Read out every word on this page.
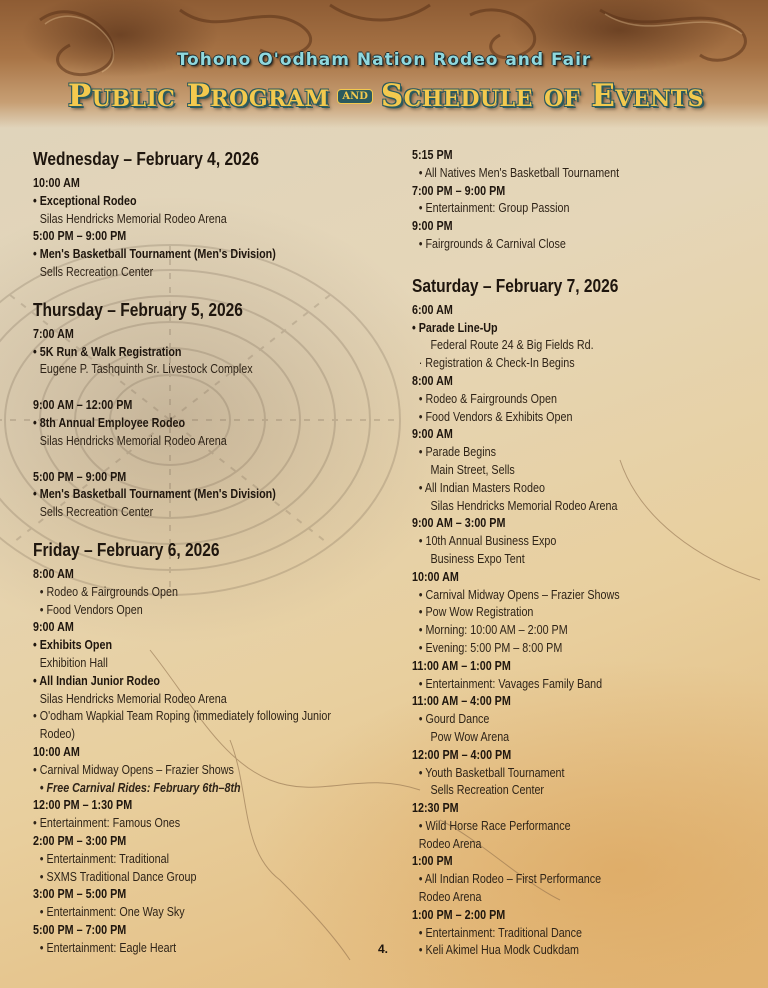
Tohono O'odham Nation Rodeo and Fair
Public Program	AND Schedule of Events
Wednesday – February 4, 2026
10:00 AM
• Exceptional Rodeo
Silas Hendricks Memorial Rodeo Arena
5:00 PM – 9:00 PM
• Men's Basketball Tournament (Men's Division)
Sells Recreation Center
Thursday – February 5, 2026
7:00 AM
• 5K Run & Walk Registration
Eugene P. Tashquinth Sr. Livestock Complex
9:00 AM – 12:00 PM
• 8th Annual Employee Rodeo
Silas Hendricks Memorial Rodeo Arena
5:00 PM – 9:00 PM
• Men's Basketball Tournament (Men's Division)
Sells Recreation Center
Friday – February 6, 2026
8:00 AM
• Rodeo & Fairgrounds Open
• Food Vendors Open
9:00 AM
• Exhibits Open
Exhibition Hall
• All Indian Junior Rodeo
Silas Hendricks Memorial Rodeo Arena
• O'odham Wapkial Team Roping (immediately following Junior
Rodeo)
10:00 AM
• Carnival Midway Opens – Frazier Shows
• Free Carnival Rides: February 6th–8th
12:00 PM – 1:30 PM
• Entertainment: Famous Ones
2:00 PM – 3:00 PM
• Entertainment: Traditional
• SXMS Traditional Dance Group
3:00 PM – 5:00 PM
• Entertainment: One Way Sky
5:00 PM – 7:00 PM
• Entertainment: Eagle Heart
5:15 PM
• All Natives Men's Basketball Tournament
7:00 PM – 9:00 PM
• Entertainment: Group Passion
9:00 PM
• Fairgrounds & Carnival Close
Saturday – February 7, 2026
6:00 AM
• Parade Line-Up
Federal Route 24 & Big Fields Rd.
· Registration & Check-In Begins
8:00 AM
• Rodeo & Fairgrounds Open
• Food Vendors & Exhibits Open
9:00 AM
• Parade Begins
Main Street, Sells
• All Indian Masters Rodeo
Silas Hendricks Memorial Rodeo Arena
9:00 AM – 3:00 PM
• 10th Annual Business Expo
Business Expo Tent
10:00 AM
• Carnival Midway Opens – Frazier Shows
• Pow Wow Registration
• Morning: 10:00 AM – 2:00 PM
• Evening: 5:00 PM – 8:00 PM
11:00 AM – 1:00 PM
• Entertainment: Vavages Family Band
11:00 AM – 4:00 PM
• Gourd Dance
Pow Wow Arena
12:00 PM – 4:00 PM
• Youth Basketball Tournament
Sells Recreation Center
12:30 PM
• Wild Horse Race Performance
Rodeo Arena
1:00 PM
• All Indian Rodeo – First Performance
Rodeo Arena
1:00 PM – 2:00 PM
• Entertainment: Traditional Dance
• Keli Akimel Hua Modk Cudkdam
4.
